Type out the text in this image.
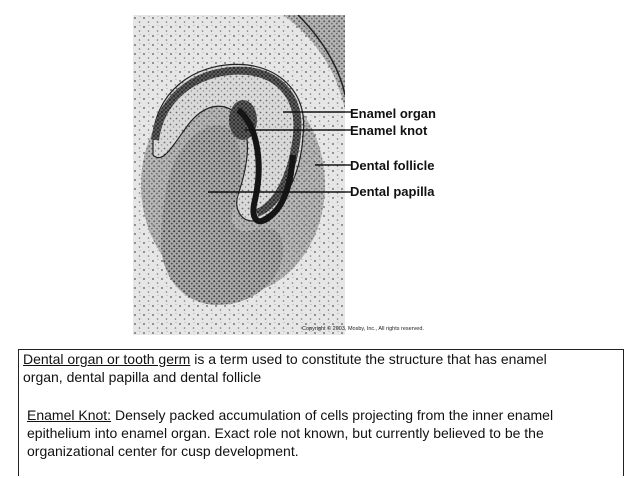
Enamel organ
Enamel knot
Dental follicle
Dental papilla
Copyright © 2003, Mosby, Inc., All rights reserved.
Dental organ or tooth germ is a term used to constitute the structure that has enamel organ, dental papilla and dental follicle
Enamel Knot: Densely packed accumulation of cells projecting from the inner enamel epithelium into enamel organ. Exact role not known, but currently believed to be the organizational center for cusp development.
